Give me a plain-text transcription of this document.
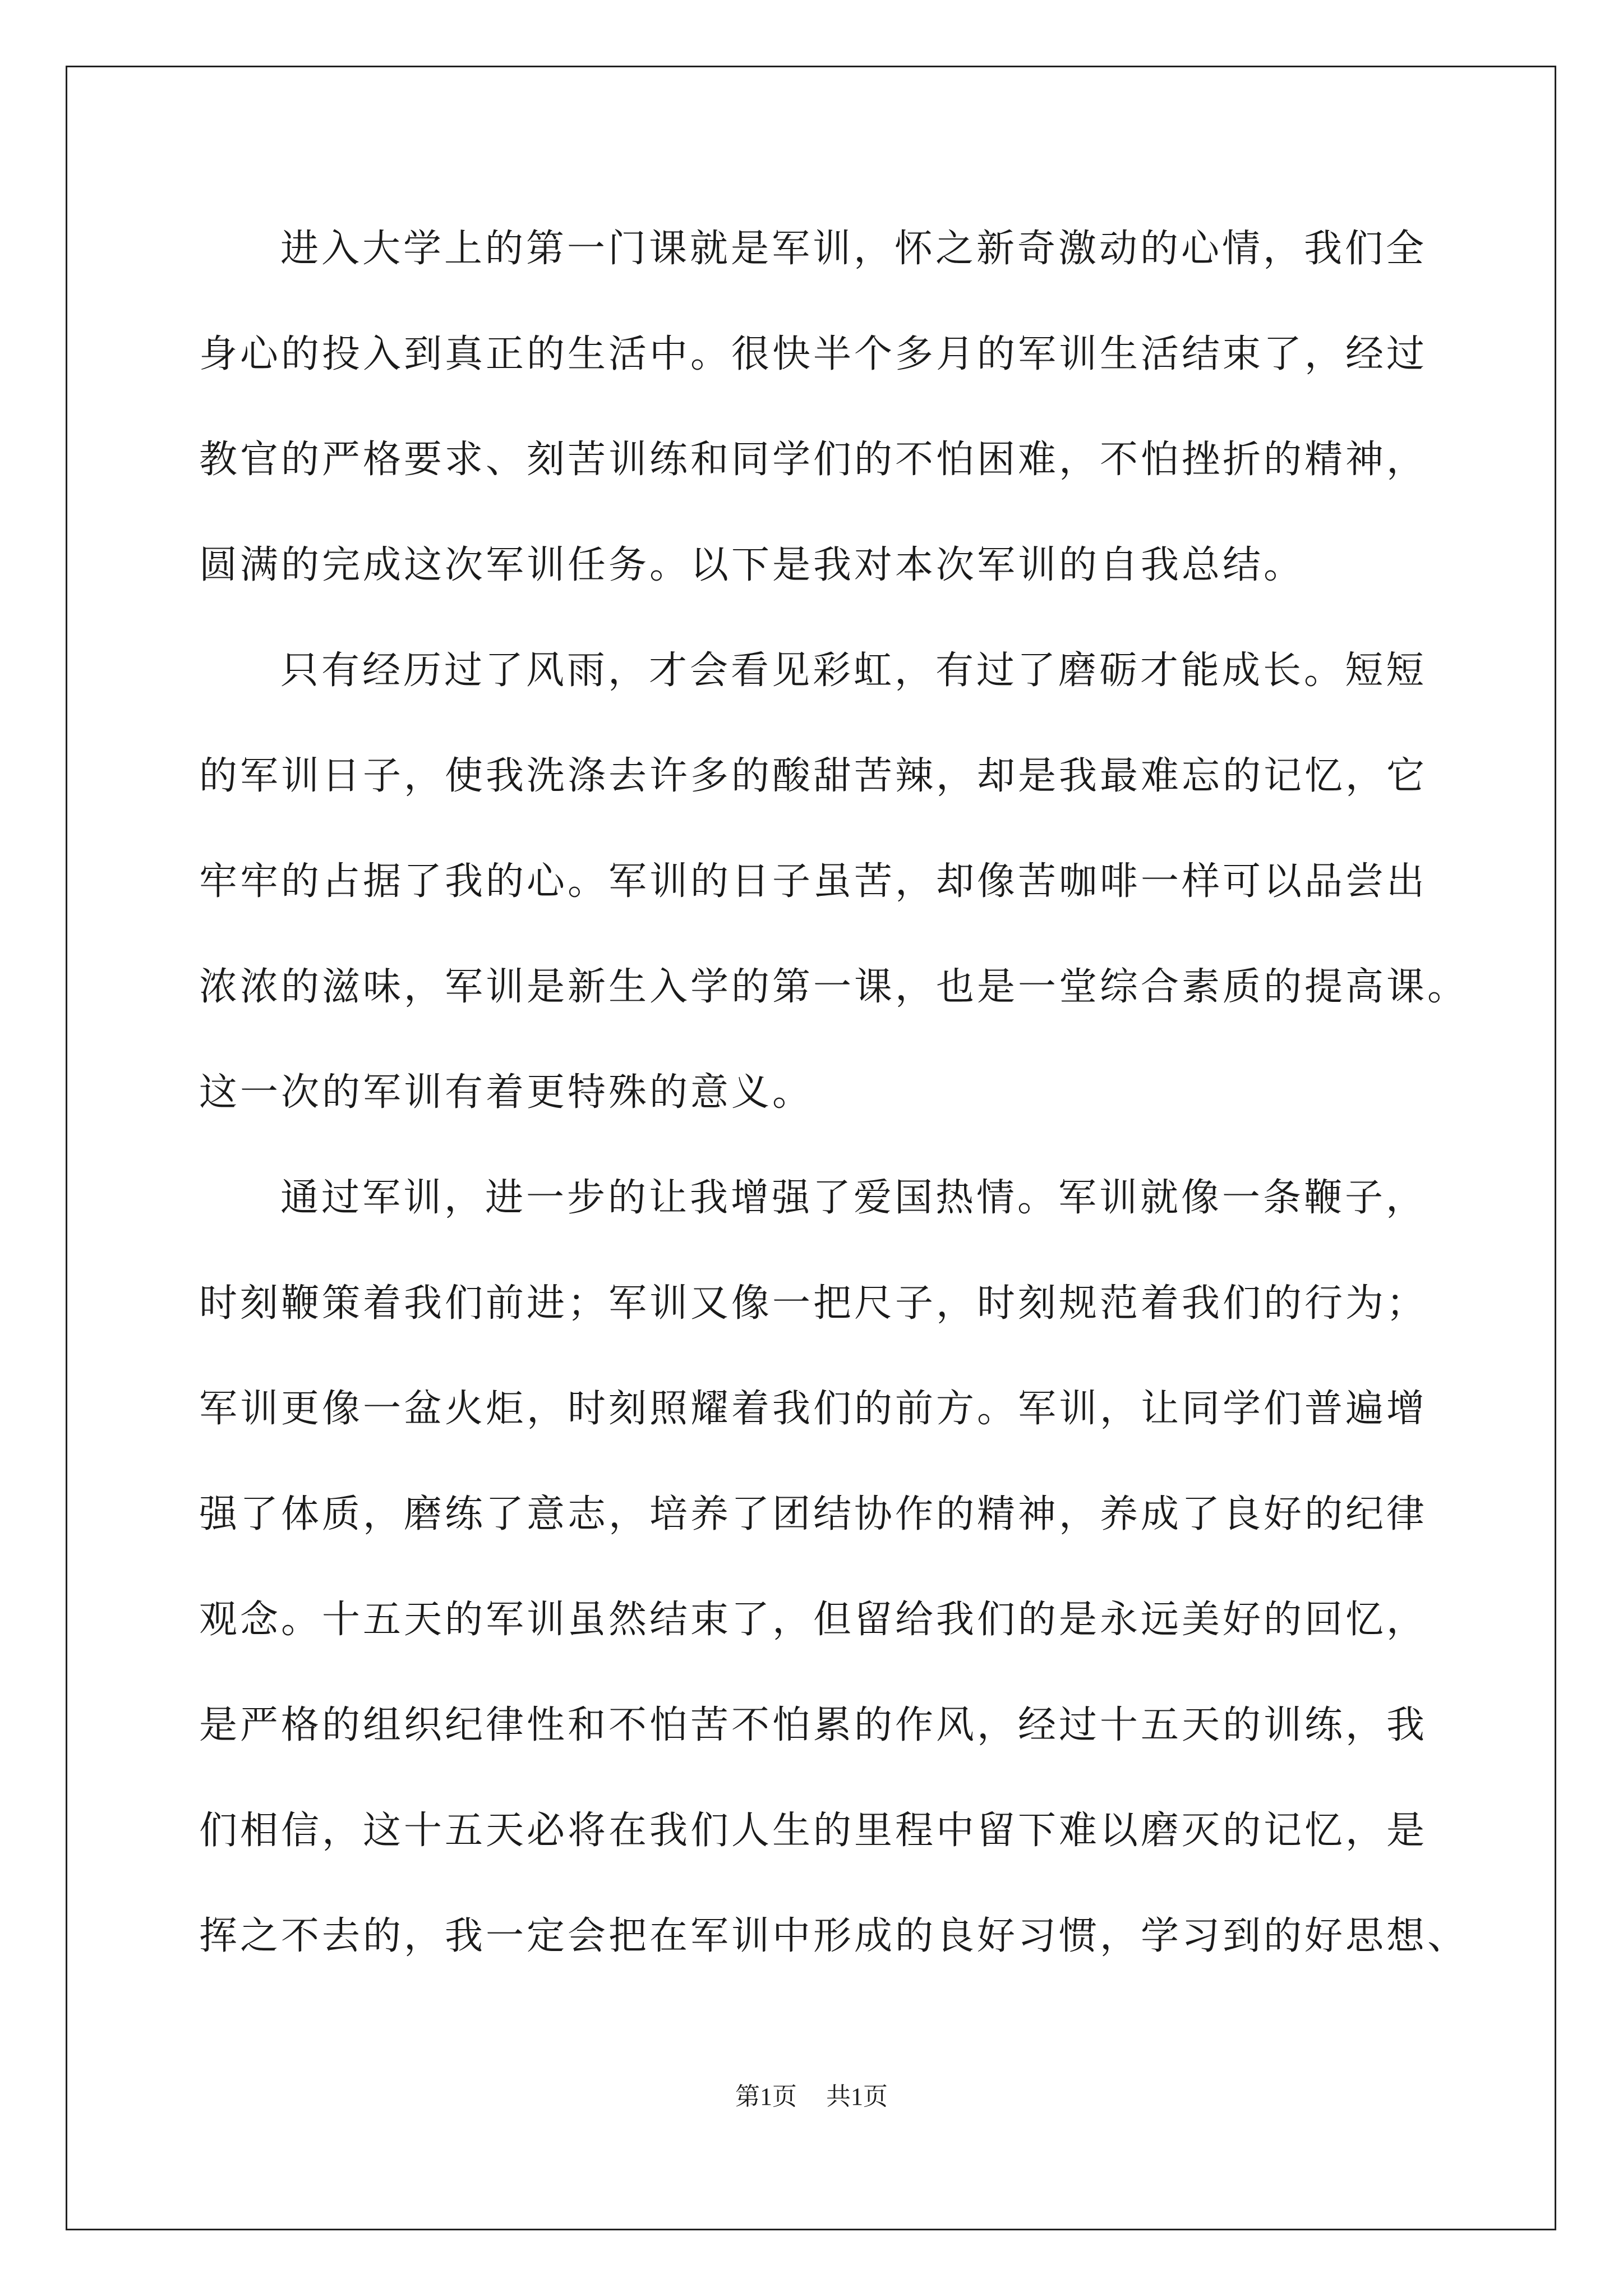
进入大学上的第一门课就是军训，怀之新奇激动的心情，我们全
身心的投入到真正的生活中。很快半个多月的军训生活结束了，经过
教官的严格要求、刻苦训练和同学们的不怕困难，不怕挫折的精神，
圆满的完成这次军训任务。以下是我对本次军训的自我总结。
只有经历过了风雨，才会看见彩虹，有过了磨砺才能成长。短短
的军训日子，使我洗涤去许多的酸甜苦辣，却是我最难忘的记忆，它
牢牢的占据了我的心。军训的日子虽苦，却像苦咖啡一样可以品尝出
浓浓的滋味，军训是新生入学的第一课，也是一堂综合素质的提高课。
这一次的军训有着更特殊的意义。
通过军训，进一步的让我增强了爱国热情。军训就像一条鞭子，
时刻鞭策着我们前进；军训又像一把尺子，时刻规范着我们的行为；
军训更像一盆火炬，时刻照耀着我们的前方。军训，让同学们普遍增
强了体质，磨练了意志，培养了团结协作的精神，养成了良好的纪律
观念。十五天的军训虽然结束了，但留给我们的是永远美好的回忆，
是严格的组织纪律性和不怕苦不怕累的作风，经过十五天的训练，我
们相信，这十五天必将在我们人生的里程中留下难以磨灭的记忆，是
挥之不去的，我一定会把在军训中形成的良好习惯，学习到的好思想、
第1页 共1页
